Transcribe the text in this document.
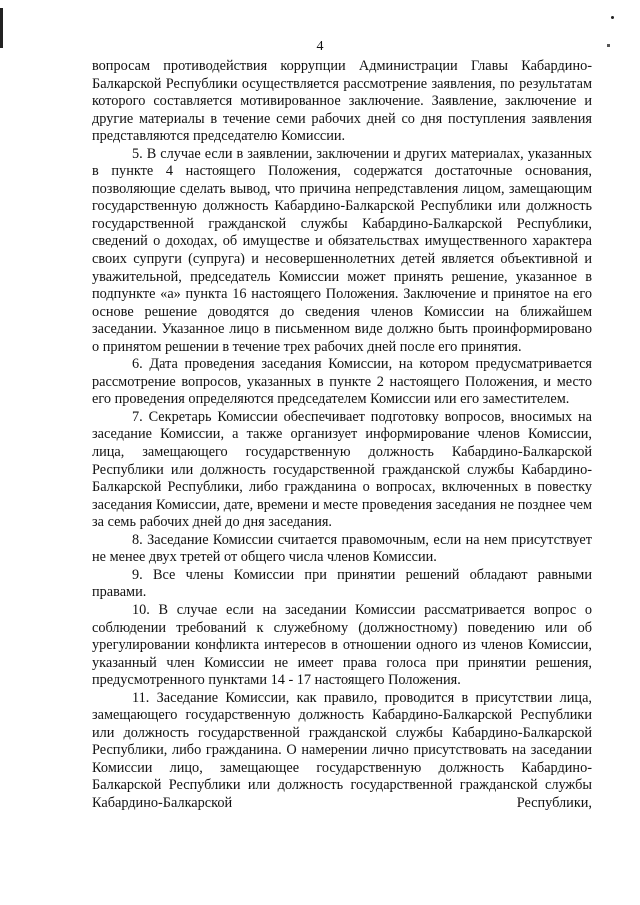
4

вопросам противодействия коррупции Администрации Главы Кабардино-Балкарской Республики осуществляется рассмотрение заявления, по результатам которого составляется мотивированное заключение. Заявление, заключение и другие материалы в течение семи рабочих дней со дня поступления заявления представляются председателю Комиссии.

5. В случае если в заявлении, заключении и других материалах, указанных в пункте 4 настоящего Положения, содержатся достаточные основания, позволяющие сделать вывод, что причина непредставления лицом, замещающим государственную должность Кабардино-Балкарской Республики или должность государственной гражданской службы Кабардино-Балкарской Республики, сведений о доходах, об имуществе и обязательствах имущественного характера своих супруги (супруга) и несовершеннолетних детей является объективной и уважительной, председатель Комиссии может принять решение, указанное в подпункте «а» пункта 16 настоящего Положения. Заключение и принятое на его основе решение доводятся до сведения членов Комиссии на ближайшем заседании. Указанное лицо в письменном виде должно быть проинформировано о принятом решении в течение трех рабочих дней после его принятия.

6. Дата проведения заседания Комиссии, на котором предусматривается рассмотрение вопросов, указанных в пункте 2 настоящего Положения, и место его проведения определяются председателем Комиссии или его заместителем.

7. Секретарь Комиссии обеспечивает подготовку вопросов, вносимых на заседание Комиссии, а также организует информирование членов Комиссии, лица, замещающего государственную должность Кабардино-Балкарской Республики или должность государственной гражданской службы Кабардино-Балкарской Республики, либо гражданина о вопросах, включенных в повестку заседания Комиссии, дате, времени и месте проведения заседания не позднее чем за семь рабочих дней до дня заседания.

8. Заседание Комиссии считается правомочным, если на нем присутствует не менее двух третей от общего числа членов Комиссии.

9. Все члены Комиссии при принятии решений обладают равными правами.

10. В случае если на заседании Комиссии рассматривается вопрос о соблюдении требований к служебному (должностному) поведению или об урегулировании конфликта интересов в отношении одного из членов Комиссии, указанный член Комиссии не имеет права голоса при принятии решения, предусмотренного пунктами 14 - 17 настоящего Положения.

11. Заседание Комиссии, как правило, проводится в присутствии лица, замещающего государственную должность Кабардино-Балкарской Республики или должность государственной гражданской службы Кабардино-Балкарской Республики, либо гражданина. О намерении лично присутствовать на заседании Комиссии лицо, замещающее государственную должность Кабардино-Балкарской Республики или должность государственной гражданской службы Кабардино-Балкарской Республики,
